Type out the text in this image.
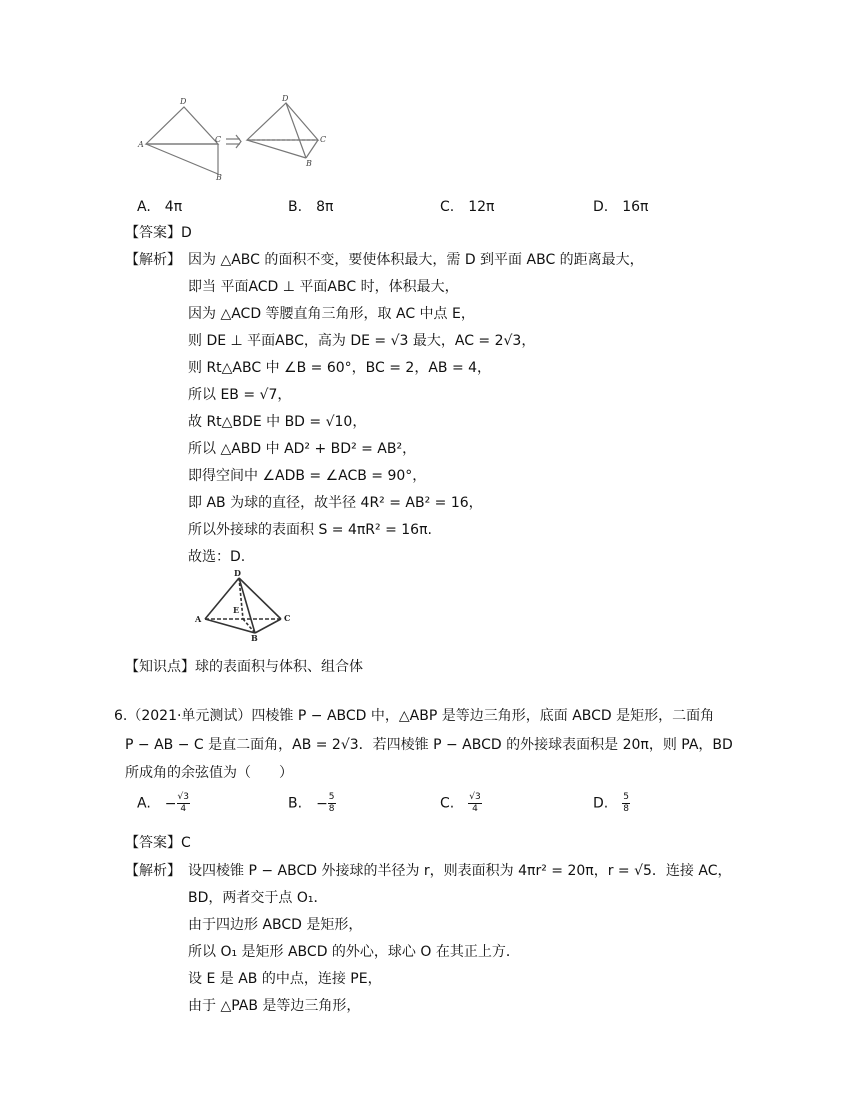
A
D
C
B
D
C
B
A. 4π	B. 8π	C. 12π	D. 16π
【答案】D
【解析】 因为 △ABC 的面积不变，要使体积最大，需 D 到平面 ABC 的距离最大，
即当 平面ACD ⊥ 平面ABC 时，体积最大，
因为 △ACD 等腰直角三角形，取 AC 中点 E，
则 DE ⊥ 平面ABC，高为 DE = √3 最大，AC = 2√3，
则 Rt△ABC 中 ∠B = 60°，BC = 2，AB = 4，
所以 EB = √7，
故 Rt△BDE 中 BD = √10，
所以 △ABD 中 AD² + BD² = AB²，
即得空间中 ∠ADB = ∠ACB = 90°，
即 AB 为球的直径，故半径 4R² = AB² = 16，
所以外接球的表面积 S = 4πR² = 16π.
故选：D.
D
A	C
B
E
【知识点】球的表面积与体积、组合体
6.（2021·单元测试）四棱锥 P − ABCD 中，△ABP 是等边三角形，底面 ABCD 是矩形，二面角
P − AB − C 是直二面角，AB = 2√3．若四棱锥 P − ABCD 的外接球表面积是 20π，则 PA，BD
所成角的余弦值为（　　）
A. − $\frac{√3}{4}$	B. − $\frac{5}{8}$	C. $\frac{√3}{4}$	D. $\frac{5}{8}$
【答案】C
【解析】 设四棱锥 P − ABCD 外接球的半径为 r，则表面积为 4πr² = 20π，r = √5．连接 AC，
BD，两者交于点 O₁．
由于四边形 ABCD 是矩形，
所以 O₁ 是矩形 ABCD 的外心，球心 O 在其正上方．
设 E 是 AB 的中点，连接 PE，
由于 △PAB 是等边三角形，
